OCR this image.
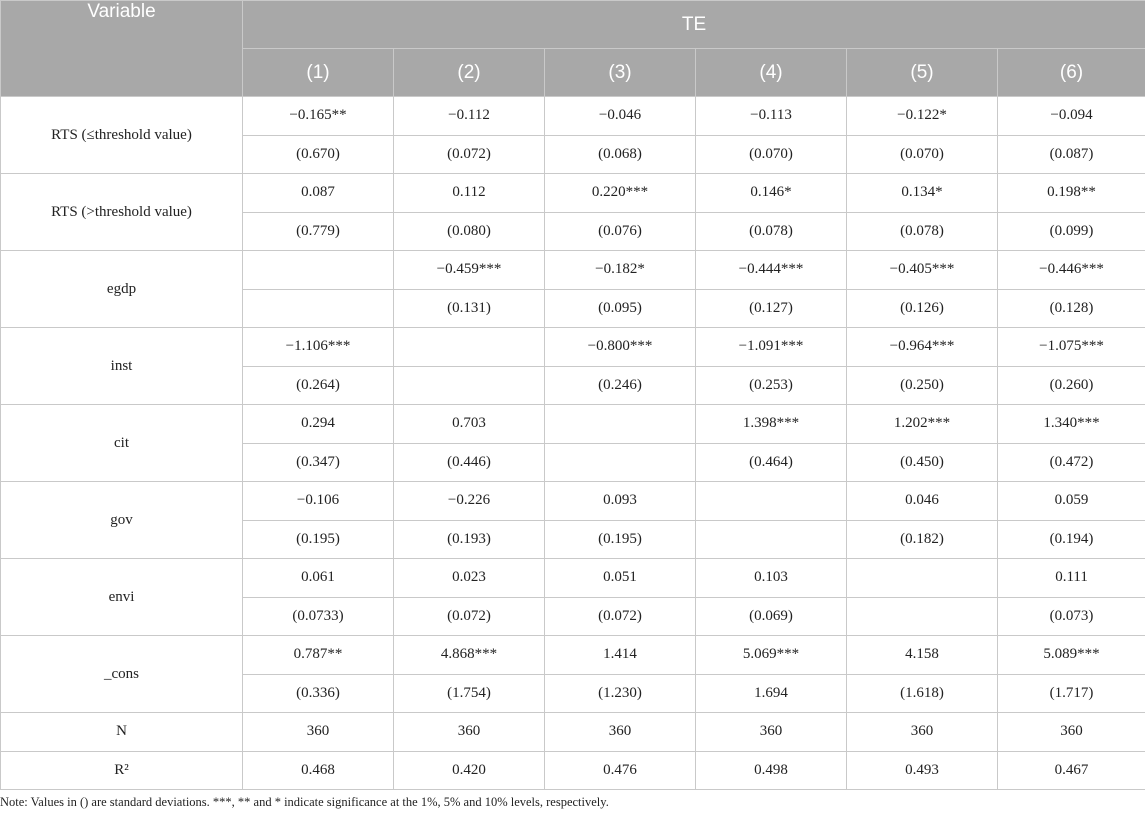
Variable	TE					
	(1)	(2)	(3)	(4)	(5)	(6)
RTS (≤threshold value)	−0.165**	−0.112	−0.046	−0.113	−0.122*	−0.094
	(0.670)	(0.072)	(0.068)	(0.070)	(0.070)	(0.087)
RTS (>threshold value)	0.087	0.112	0.220***	0.146*	0.134*	0.198**
	(0.779)	(0.080)	(0.076)	(0.078)	(0.078)	(0.099)
egdp		−0.459***	−0.182*	−0.444***	−0.405***	−0.446***
		(0.131)	(0.095)	(0.127)	(0.126)	(0.128)
inst	−1.106***		−0.800***	−1.091***	−0.964***	−1.075***
	(0.264)		(0.246)	(0.253)	(0.250)	(0.260)
cit	0.294	0.703		1.398***	1.202***	1.340***
	(0.347)	(0.446)		(0.464)	(0.450)	(0.472)
gov	−0.106	−0.226	0.093		0.046	0.059
	(0.195)	(0.193)	(0.195)		(0.182)	(0.194)
envi	0.061	0.023	0.051	0.103		0.111
	(0.0733)	(0.072)	(0.072)	(0.069)		(0.073)
_cons	0.787**	4.868***	1.414	5.069***	4.158	5.089***
	(0.336)	(1.754)	(1.230)	1.694	(1.618)	(1.717)
N	360	360	360	360	360	360
R²	0.468	0.420	0.476	0.498	0.493	0.467
Note: Values in () are standard deviations. ***, ** and * indicate significance at the 1%, 5% and 10% levels, respectively.
